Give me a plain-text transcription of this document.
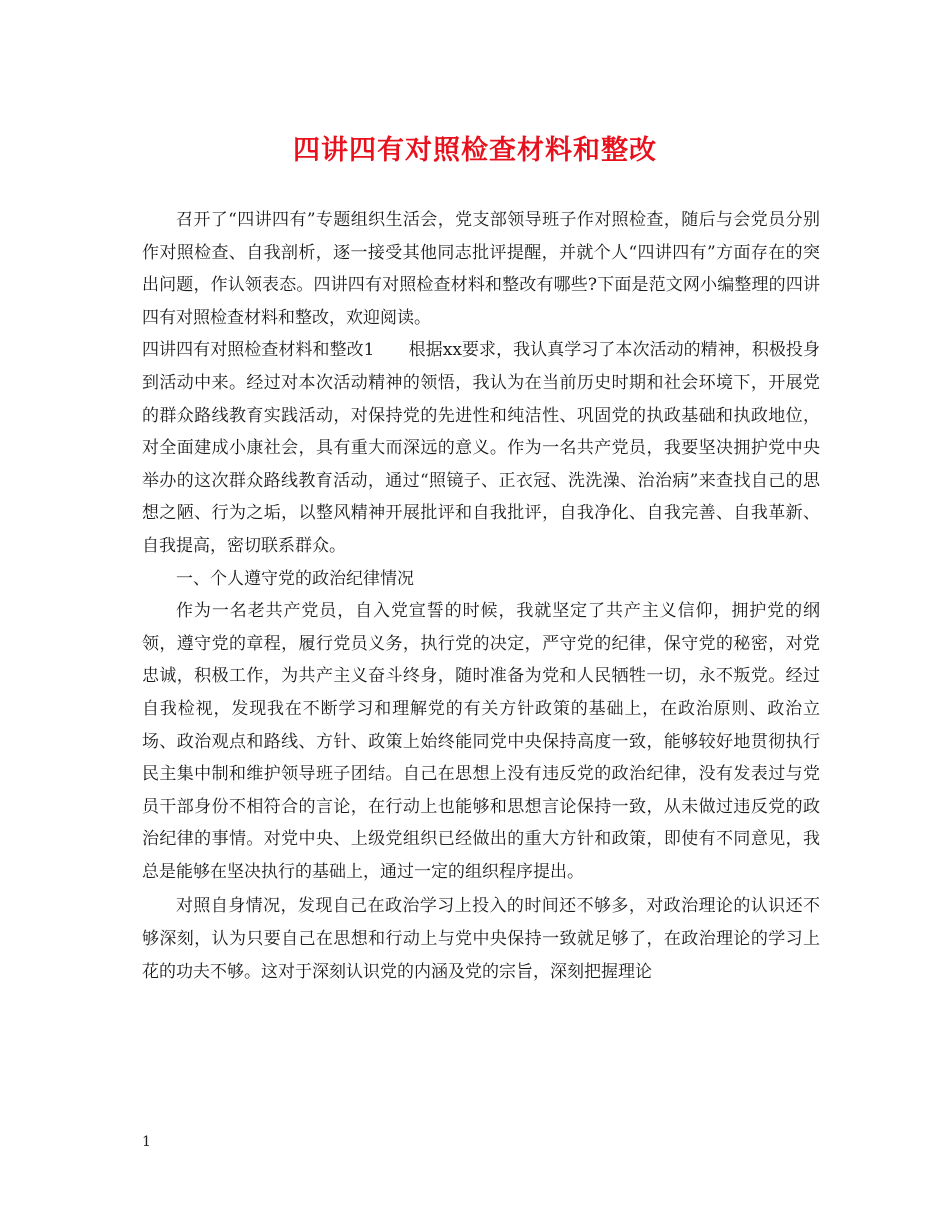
四讲四有对照检查材料和整改

召开了“四讲四有”专题组织生活会，党支部领导班子作对照检查，随后与会党员分别作对照检查、自我剖析，逐一接受其他同志批评提醒，并就个人“四讲四有”方面存在的突出问题，作认领表态。四讲四有对照检查材料和整改有哪些?下面是范文网小编整理的四讲四有对照检查材料和整改，欢迎阅读。

四讲四有对照检查材料和整改1　　根据xx要求，我认真学习了本次活动的精神，积极投身到活动中来。经过对本次活动精神的领悟，我认为在当前历史时期和社会环境下，开展党的群众路线教育实践活动，对保持党的先进性和纯洁性、巩固党的执政基础和执政地位，对全面建成小康社会，具有重大而深远的意义。作为一名共产党员，我要坚决拥护党中央举办的这次群众路线教育活动，通过“照镜子、正衣冠、洗洗澡、治治病”来查找自己的思想之陋、行为之垢，以整风精神开展批评和自我批评，自我净化、自我完善、自我革新、自我提高，密切联系群众。

一、个人遵守党的政治纪律情况

作为一名老共产党员，自入党宣誓的时候，我就坚定了共产主义信仰，拥护党的纲领，遵守党的章程，履行党员义务，执行党的决定，严守党的纪律，保守党的秘密，对党忠诚，积极工作，为共产主义奋斗终身，随时准备为党和人民牺牲一切，永不叛党。经过自我检视，发现我在不断学习和理解党的有关方针政策的基础上，在政治原则、政治立场、政治观点和路线、方针、政策上始终能同党中央保持高度一致，能够较好地贯彻执行民主集中制和维护领导班子团结。自己在思想上没有违反党的政治纪律，没有发表过与党员干部身份不相符合的言论，在行动上也能够和思想言论保持一致，从未做过违反党的政治纪律的事情。对党中央、上级党组织已经做出的重大方针和政策，即使有不同意见，我总是能够在坚决执行的基础上，通过一定的组织程序提出。

对照自身情况，发现自己在政治学习上投入的时间还不够多，对政治理论的认识还不够深刻，认为只要自己在思想和行动上与党中央保持一致就足够了，在政治理论的学习上花的功夫不够。这对于深刻认识党的内涵及党的宗旨，深刻把握理论

1
